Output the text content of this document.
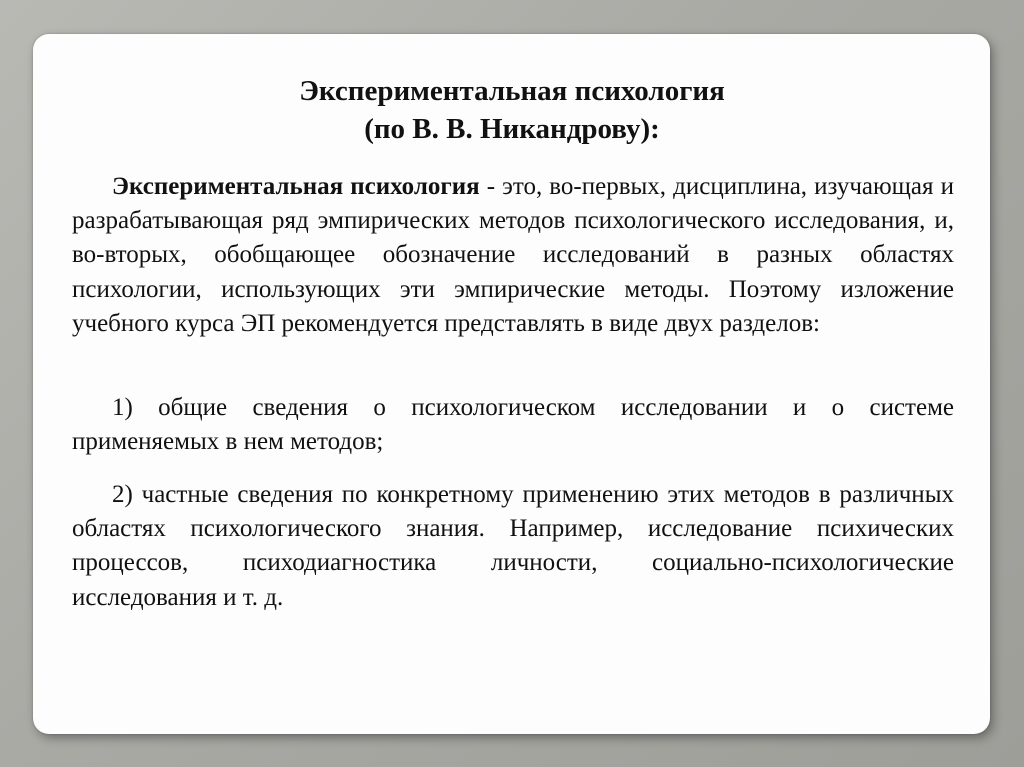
Экспериментальная психология
(по В. В. Никандрову):

Экспериментальная психология - это, во-первых, дисциплина, изучающая и разрабатывающая ряд эмпирических методов психологического исследования, и, во-вторых, обобщающее обозначение исследований в разных областях психологии, использующих эти эмпирические методы. Поэтому изложение учебного курса ЭП рекомендуется представлять в виде двух разделов:

1) общие сведения о психологическом исследовании и о системе применяемых в нем методов;

2) частные сведения по конкретному применению этих методов в различных областях психологического знания. Например, исследование психических процессов, психодиагностика личности, социально-психологические исследования и т. д.
